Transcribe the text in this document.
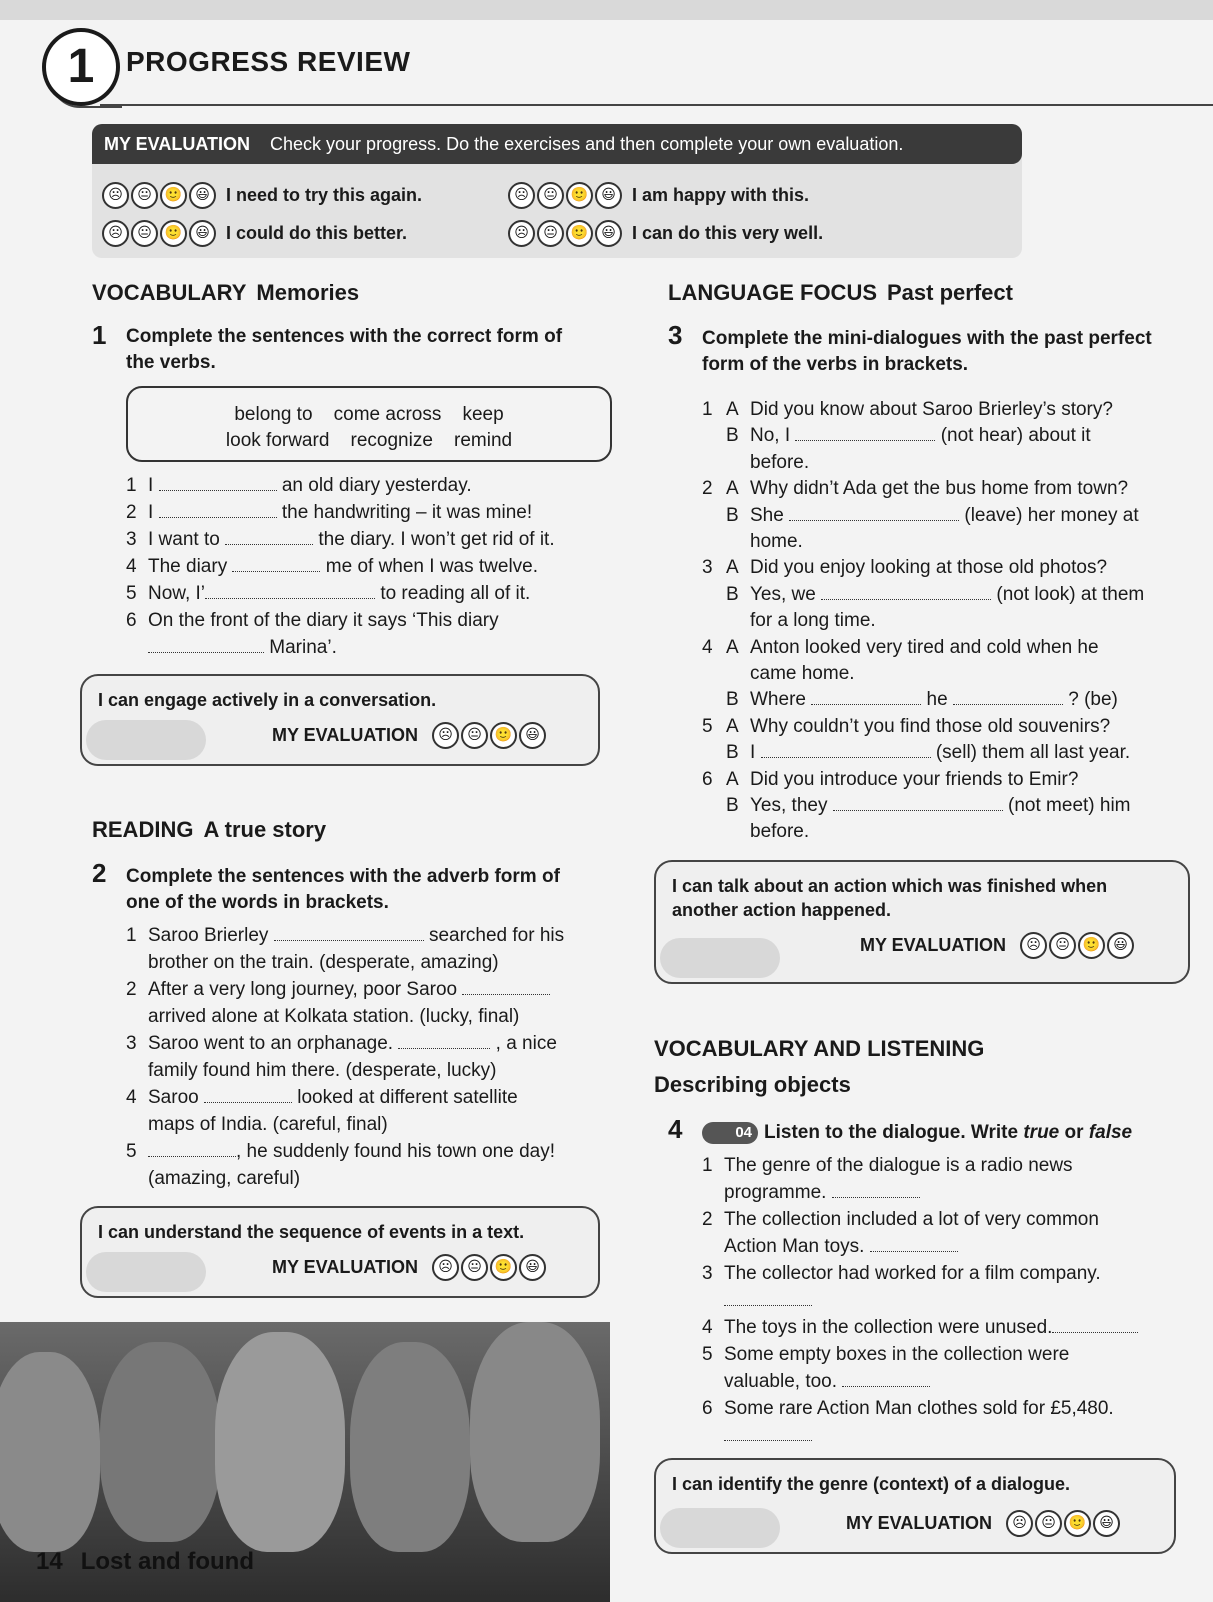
1	PROGRESS REVIEW
MY EVALUATION Check your progress. Do the exercises and then complete your own evaluation.
☹	😐 🙂 😃 I need to try this again.
☹	😐 🙂 😃 I could do this better.
☹	😐 🙂 😃 I am happy with this.
☹	😐 🙂 😃 I can do this very well.
VOCABULARY Memories
1 Complete the sentences with the correct form of
the verbs.
belong to    come across    keep
look forward    recognize    remind
1 I	an old diary yesterday.
2 I	the handwriting – it was mine!
3 I want to	the diary. I won’t get rid of it.
4 The diary	me of when I was twelve.
5 Now, I’	to reading all of it.
6 On the front of the diary it says ‘This diary
Marina’.
I can engage actively in a conversation.
MY EVALUATION	☹	😐 🙂 😃
READING A true story
2 Complete the sentences with the adverb form of
one of the words in brackets.
1 Saroo Brierley	searched for his
brother on the train. (desperate, amazing)
2 After a very long journey, poor Saroo
arrived alone at Kolkata station. (lucky, final)
3 Saroo went to an orphanage.	, a nice
family found him there. (desperate, lucky)
4 Saroo	looked at different satellite
maps of India. (careful, final)
5	, he suddenly found his town one day!
(amazing, careful)
I can understand the sequence of events in a text.
MY EVALUATION	☹	😐 🙂 😃
14 Lost and found
LANGUAGE FOCUS Past perfect
3 Complete the mini-dialogues with the past perfect
form of the verbs in brackets.
1 A Did you know about Saroo Brierley’s story?
B No, I	(not hear) about it
before.
2 A Why didn’t Ada get the bus home from town?
B She	(leave) her money at
home.
3 A Did you enjoy looking at those old photos?
B Yes, we	(not look) at them
for a long time.
4 A Anton looked very tired and cold when he
came home.
B Where	he	? (be)
5 A Why couldn’t you find those old souvenirs?
B I	(sell) them all last year.
6 A Did you introduce your friends to Emir?
B Yes, they	(not meet) him
before.
I can talk about an action which was finished when
another action happened.
MY EVALUATION	☹	😐 🙂 😃
VOCABULARY AND LISTENING
Describing objects
4	04 Listen to the dialogue. Write true or false
1 The genre of the dialogue is a radio news
programme.
2 The collection included a lot of very common
Action Man toys.
3 The collector had worked for a film company.
4 The toys in the collection were unused.
5 Some empty boxes in the collection were
valuable, too.
6 Some rare Action Man clothes sold for £5,480.
I can identify the genre (context) of a dialogue.
MY EVALUATION	☹	😐 🙂 😃
